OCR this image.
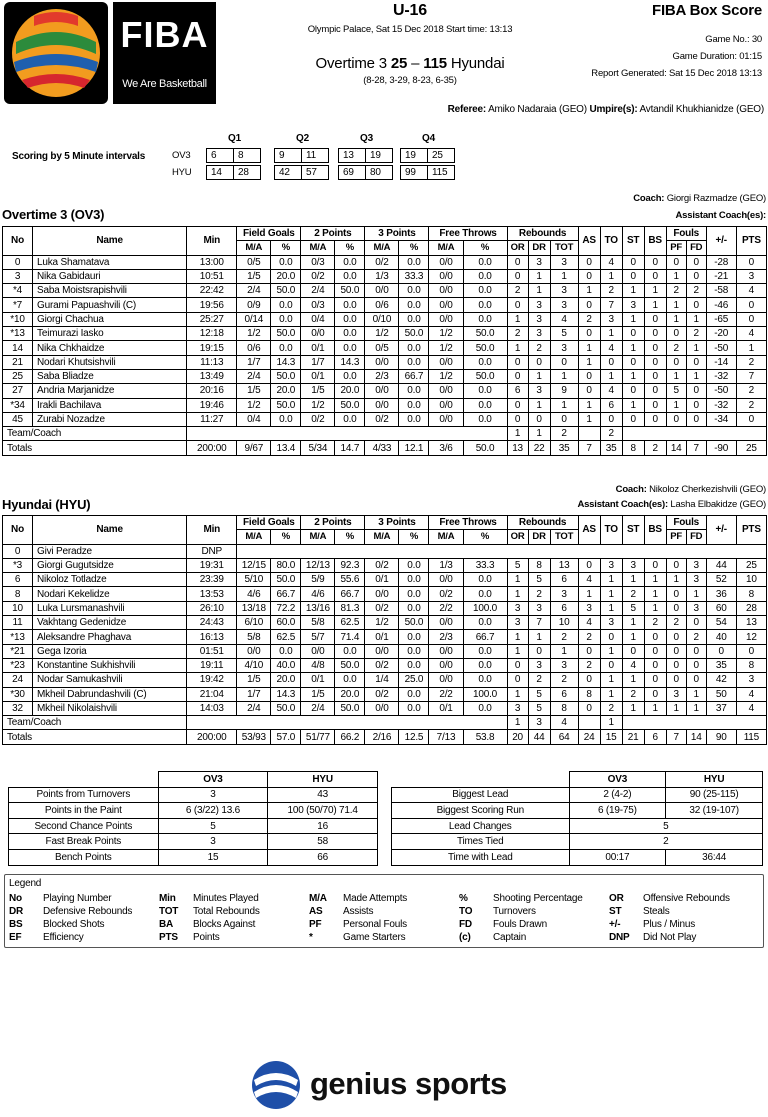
FIBA
We Are Basketball
U-16
Olympic Palace, Sat 15 Dec 2018 Start time: 13:13
Overtime 3 25 – 115 Hyundai
(8-28, 3-29, 8-23, 6-35)
FIBA Box Score
Game No.: 30
Game Duration: 01:15
Report Generated: Sat 15 Dec 2018 13:13
Referee: Amiko Nadaraia (GEO) Umpire(s): Avtandil Khukhianidze (GEO)
Scoring by 5 Minute intervals
Q1	Q2	Q3	Q4
OV3	6	8	9	11	13	19	19	25
HYU	14	28	42	57	69	80	99	115
Coach: Giorgi Razmadze (GEO)
Overtime 3 (OV3)	Assistant Coach(es):
No	Name	Min	Field Goals		2 Points		3 Points		Free Throws		Rebounds			AS	TO	ST	BS	Fouls		+/-	PTS
			M/A	%	M/A	%	M/A	%	M/A	%	OR	DR	TOT					PF	FD		
0	Luka Shamatava	13:00	0/5	0.0	0/3	0.0	0/2	0.0	0/0	0.0	0	3	3	0	4	0	0	0	0	-28	0
3	Nika Gabidauri	10:51	1/5	20.0	0/2	0.0	1/3	33.3	0/0	0.0	0	1	1	0	1	0	0	1	0	-21	3
*4	Saba Moistsrapishvili	22:42	2/4	50.0	2/4	50.0	0/0	0.0	0/0	0.0	2	1	3	1	2	1	1	2	2	-58	4
*7	Gurami Papuashvili (C)	19:56	0/9	0.0	0/3	0.0	0/6	0.0	0/0	0.0	0	3	3	0	7	3	1	1	0	-46	0
*10	Giorgi Chachua	25:27	0/14	0.0	0/4	0.0	0/10	0.0	0/0	0.0	1	3	4	2	3	1	0	1	1	-65	0
*13	Teimurazi Iasko	12:18	1/2	50.0	0/0	0.0	1/2	50.0	1/2	50.0	2	3	5	0	1	0	0	0	2	-20	4
14	Nika Chkhaidze	19:15	0/6	0.0	0/1	0.0	0/5	0.0	1/2	50.0	1	2	3	1	4	1	0	2	1	-50	1
21	Nodari Khutsishvili	11:13	1/7	14.3	1/7	14.3	0/0	0.0	0/0	0.0	0	0	0	1	0	0	0	0	0	-14	2
25	Saba Bliadze	13:49	2/4	50.0	0/1	0.0	2/3	66.7	1/2	50.0	0	1	1	0	1	1	0	1	1	-32	7
27	Andria Marjanidze	20:16	1/5	20.0	1/5	20.0	0/0	0.0	0/0	0.0	6	3	9	0	4	0	0	5	0	-50	2
*34	Irakli Bachilava	19:46	1/2	50.0	1/2	50.0	0/0	0.0	0/0	0.0	0	1	1	1	6	1	0	1	0	-32	2
45	Zurabi Nozadze	11:27	0/4	0.0	0/2	0.0	0/2	0.0	0/0	0.0	0	0	0	1	0	0	0	0	0	-34	0
Team/Coach											1	1	2		2						
Totals		200:00	9/67	13.4	5/34	14.7	4/33	12.1	3/6	50.0	13	22	35	7	35	8	2	14	7	-90	25
Coach: Nikoloz Cherkezishvili (GEO)
Hyundai (HYU)	Assistant Coach(es): Lasha Elbakidze (GEO)
No	Name	Min	Field Goals		2 Points		3 Points		Free Throws		Rebounds			AS	TO	ST	BS	Fouls		+/-	PTS
			M/A	%	M/A	%	M/A	%	M/A	%	OR	DR	TOT					PF	FD		
0	Givi Peradze	DNP																			
*3	Giorgi Gugutsidze	19:31	12/15	80.0	12/13	92.3	0/2	0.0	1/3	33.3	5	8	13	0	3	3	0	0	3	44	25
6	Nikoloz Totladze	23:39	5/10	50.0	5/9	55.6	0/1	0.0	0/0	0.0	1	5	6	4	1	1	1	1	3	52	10
8	Nodari Kekelidze	13:53	4/6	66.7	4/6	66.7	0/0	0.0	0/2	0.0	1	2	3	1	1	2	1	0	1	36	8
10	Luka Lursmanashvili	26:10	13/18	72.2	13/16	81.3	0/2	0.0	2/2	100.0	3	3	6	3	1	5	1	0	3	60	28
11	Vakhtang Gedenidze	24:43	6/10	60.0	5/8	62.5	1/2	50.0	0/0	0.0	3	7	10	4	3	1	2	2	0	54	13
*13	Aleksandre Phaghava	16:13	5/8	62.5	5/7	71.4	0/1	0.0	2/3	66.7	1	1	2	2	0	1	0	0	2	40	12
*21	Gega Izoria	01:51	0/0	0.0	0/0	0.0	0/0	0.0	0/0	0.0	1	0	1	0	1	0	0	0	0	0	0
*23	Konstantine Sukhishvili	19:11	4/10	40.0	4/8	50.0	0/2	0.0	0/0	0.0	0	3	3	2	0	4	0	0	0	35	8
24	Nodar Samukashvili	19:42	1/5	20.0	0/1	0.0	1/4	25.0	0/0	0.0	0	2	2	0	1	1	0	0	0	42	3
*30	Mkheil Dabrundashvili (C)	21:04	1/7	14.3	1/5	20.0	0/2	0.0	2/2	100.0	1	5	6	8	1	2	0	3	1	50	4
32	Mkheil Nikolaishvili	14:03	2/4	50.0	2/4	50.0	0/0	0.0	0/1	0.0	3	5	8	0	2	1	1	1	1	37	4
Team/Coach											1	3	4		1						
Totals		200:00	53/93	57.0	51/77	66.2	2/16	12.5	7/13	53.8	20	44	64	24	15	21	6	7	14	90	115
	OV3	HYU
Points from Turnovers	3	43
Points in the Paint	6 (3/22) 13.6	100 (50/70) 71.4
Second Chance Points	5	16
Fast Break Points	3	58
Bench Points	15	66
	OV3	HYU
Biggest Lead	2 (4-2)	90 (25-115)
Biggest Scoring Run	6 (19-75)	32 (19-107)
Lead Changes	5	
Times Tied	2	
Time with Lead	00:17	36:44
Legend
No Playing Number
DR Defensive Rebounds
BS Blocked Shots
EF Efficiency
Min Minutes Played
TOT Total Rebounds
BA Blocks Against
PTS Points
M/A Made Attempts
AS Assists
PF Personal Fouls
*	Game Starters
%	Shooting Percentage
TO Turnovers
FD Fouls Drawn
(c) Captain
OR Offensive Rebounds
ST Steals
+/- Plus / Minus
DNP Did Not Play
genius sports
